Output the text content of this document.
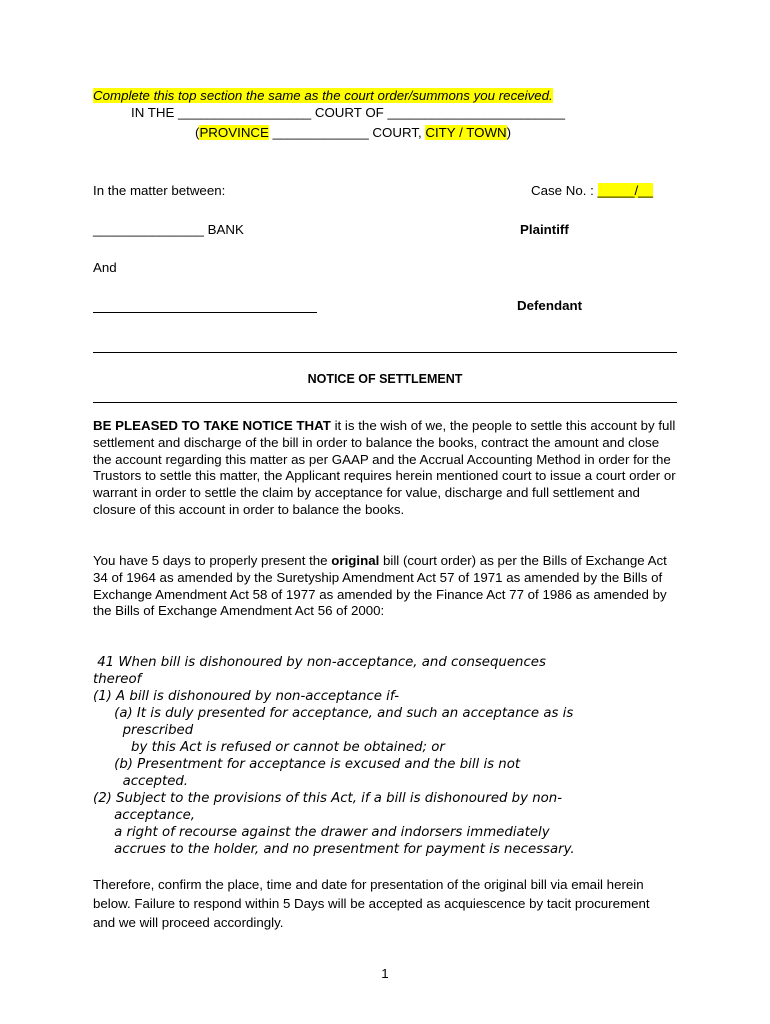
Complete this top section the same as the court order/summons you received.
IN THE __________________ COURT OF ________________________
(PROVINCE _____________ COURT, CITY / TOWN)
In the matter between:	Case No. : _____/__
_______________ BANK	Plaintiff
And
Defendant
NOTICE OF SETTLEMENT

BE PLEASED TO TAKE NOTICE THAT it is the wish of we, the people to settle this account by full settlement and discharge of the bill in order to balance the books, contract the amount and close the account regarding this matter as per GAAP and the Accrual Accounting Method in order for the Trustors to settle this matter, the Applicant requires herein mentioned court to issue a court order or warrant in order to settle the claim by acceptance for value, discharge and full settlement and closure of this account in order to balance the books.

You have 5 days to properly present the original bill (court order) as per the Bills of Exchange Act 34 of 1964 as amended by the Suretyship Amendment Act 57 of 1971 as amended by the Bills of Exchange Amendment Act 58 of 1977 as amended by the Finance Act 77 of 1986 as amended by the Bills of Exchange Amendment Act 56 of 2000:

41 When bill is dishonoured by non-acceptance, and consequences
thereof
(1) A bill is dishonoured by non-acceptance if-
(a) It is duly presented for acceptance, and such an acceptance as is
prescribed
by this Act is refused or cannot be obtained; or
(b) Presentment for acceptance is excused and the bill is not
accepted.
(2) Subject to the provisions of this Act, if a bill is dishonoured by non-
acceptance,
a right of recourse against the drawer and indorsers immediately
accrues to the holder, and no presentment for payment is necessary.
Therefore, confirm the place, time and date for presentation of the original bill via email herein below. Failure to respond within 5 Days will be accepted as acquiescence by tacit procurement and we will proceed accordingly.
1
